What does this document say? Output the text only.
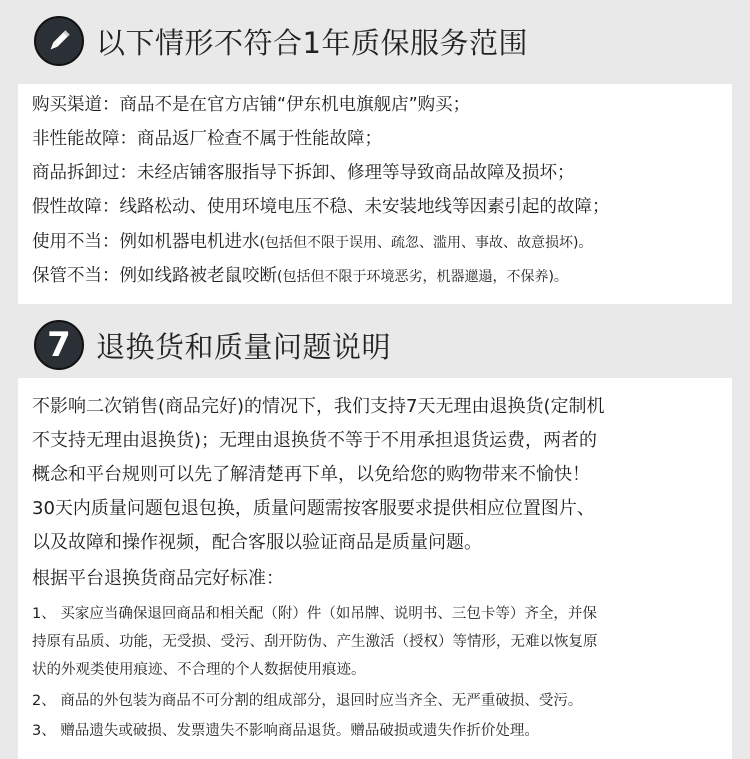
以下情形不符合1年质保服务范围
购买渠道：商品不是在官方店铺“伊东机电旗舰店”购买；
非性能故障：商品返厂检查不属于性能故障；
商品拆卸过：未经店铺客服指导下拆卸、修理等导致商品故障及损坏；
假性故障：线路松动、使用环境电压不稳、未安装地线等因素引起的故障；
使用不当：例如机器电机进水(包括但不限于误用、疏忽、滥用、事故、故意损坏)。
保管不当：例如线路被老鼠咬断(包括但不限于环境恶劣，机器邋遢，不保养)。
7 退换货和质量问题说明
不影响二次销售(商品完好)的情况下，我们支持7天无理由退换货(定制机
不支持无理由退换货)；无理由退换货不等于不用承担退货运费，两者的
概念和平台规则可以先了解清楚再下单，以免给您的购物带来不愉快！
30天内质量问题包退包换，质量问题需按客服要求提供相应位置图片、
以及故障和操作视频，配合客服以验证商品是质量问题。
根据平台退换货商品完好标准：
1、 买家应当确保退回商品和相关配（附）件（如吊牌、说明书、三包卡等）齐全，并保
持原有品质、功能，无受损、受污、刮开防伪、产生激活（授权）等情形，无难以恢复原
状的外观类使用痕迹、不合理的个人数据使用痕迹。
2、 商品的外包装为商品不可分割的组成部分，退回时应当齐全、无严重破损、受污。
3、 赠品遗失或破损、发票遗失不影响商品退货。赠品破损或遗失作折价处理。
